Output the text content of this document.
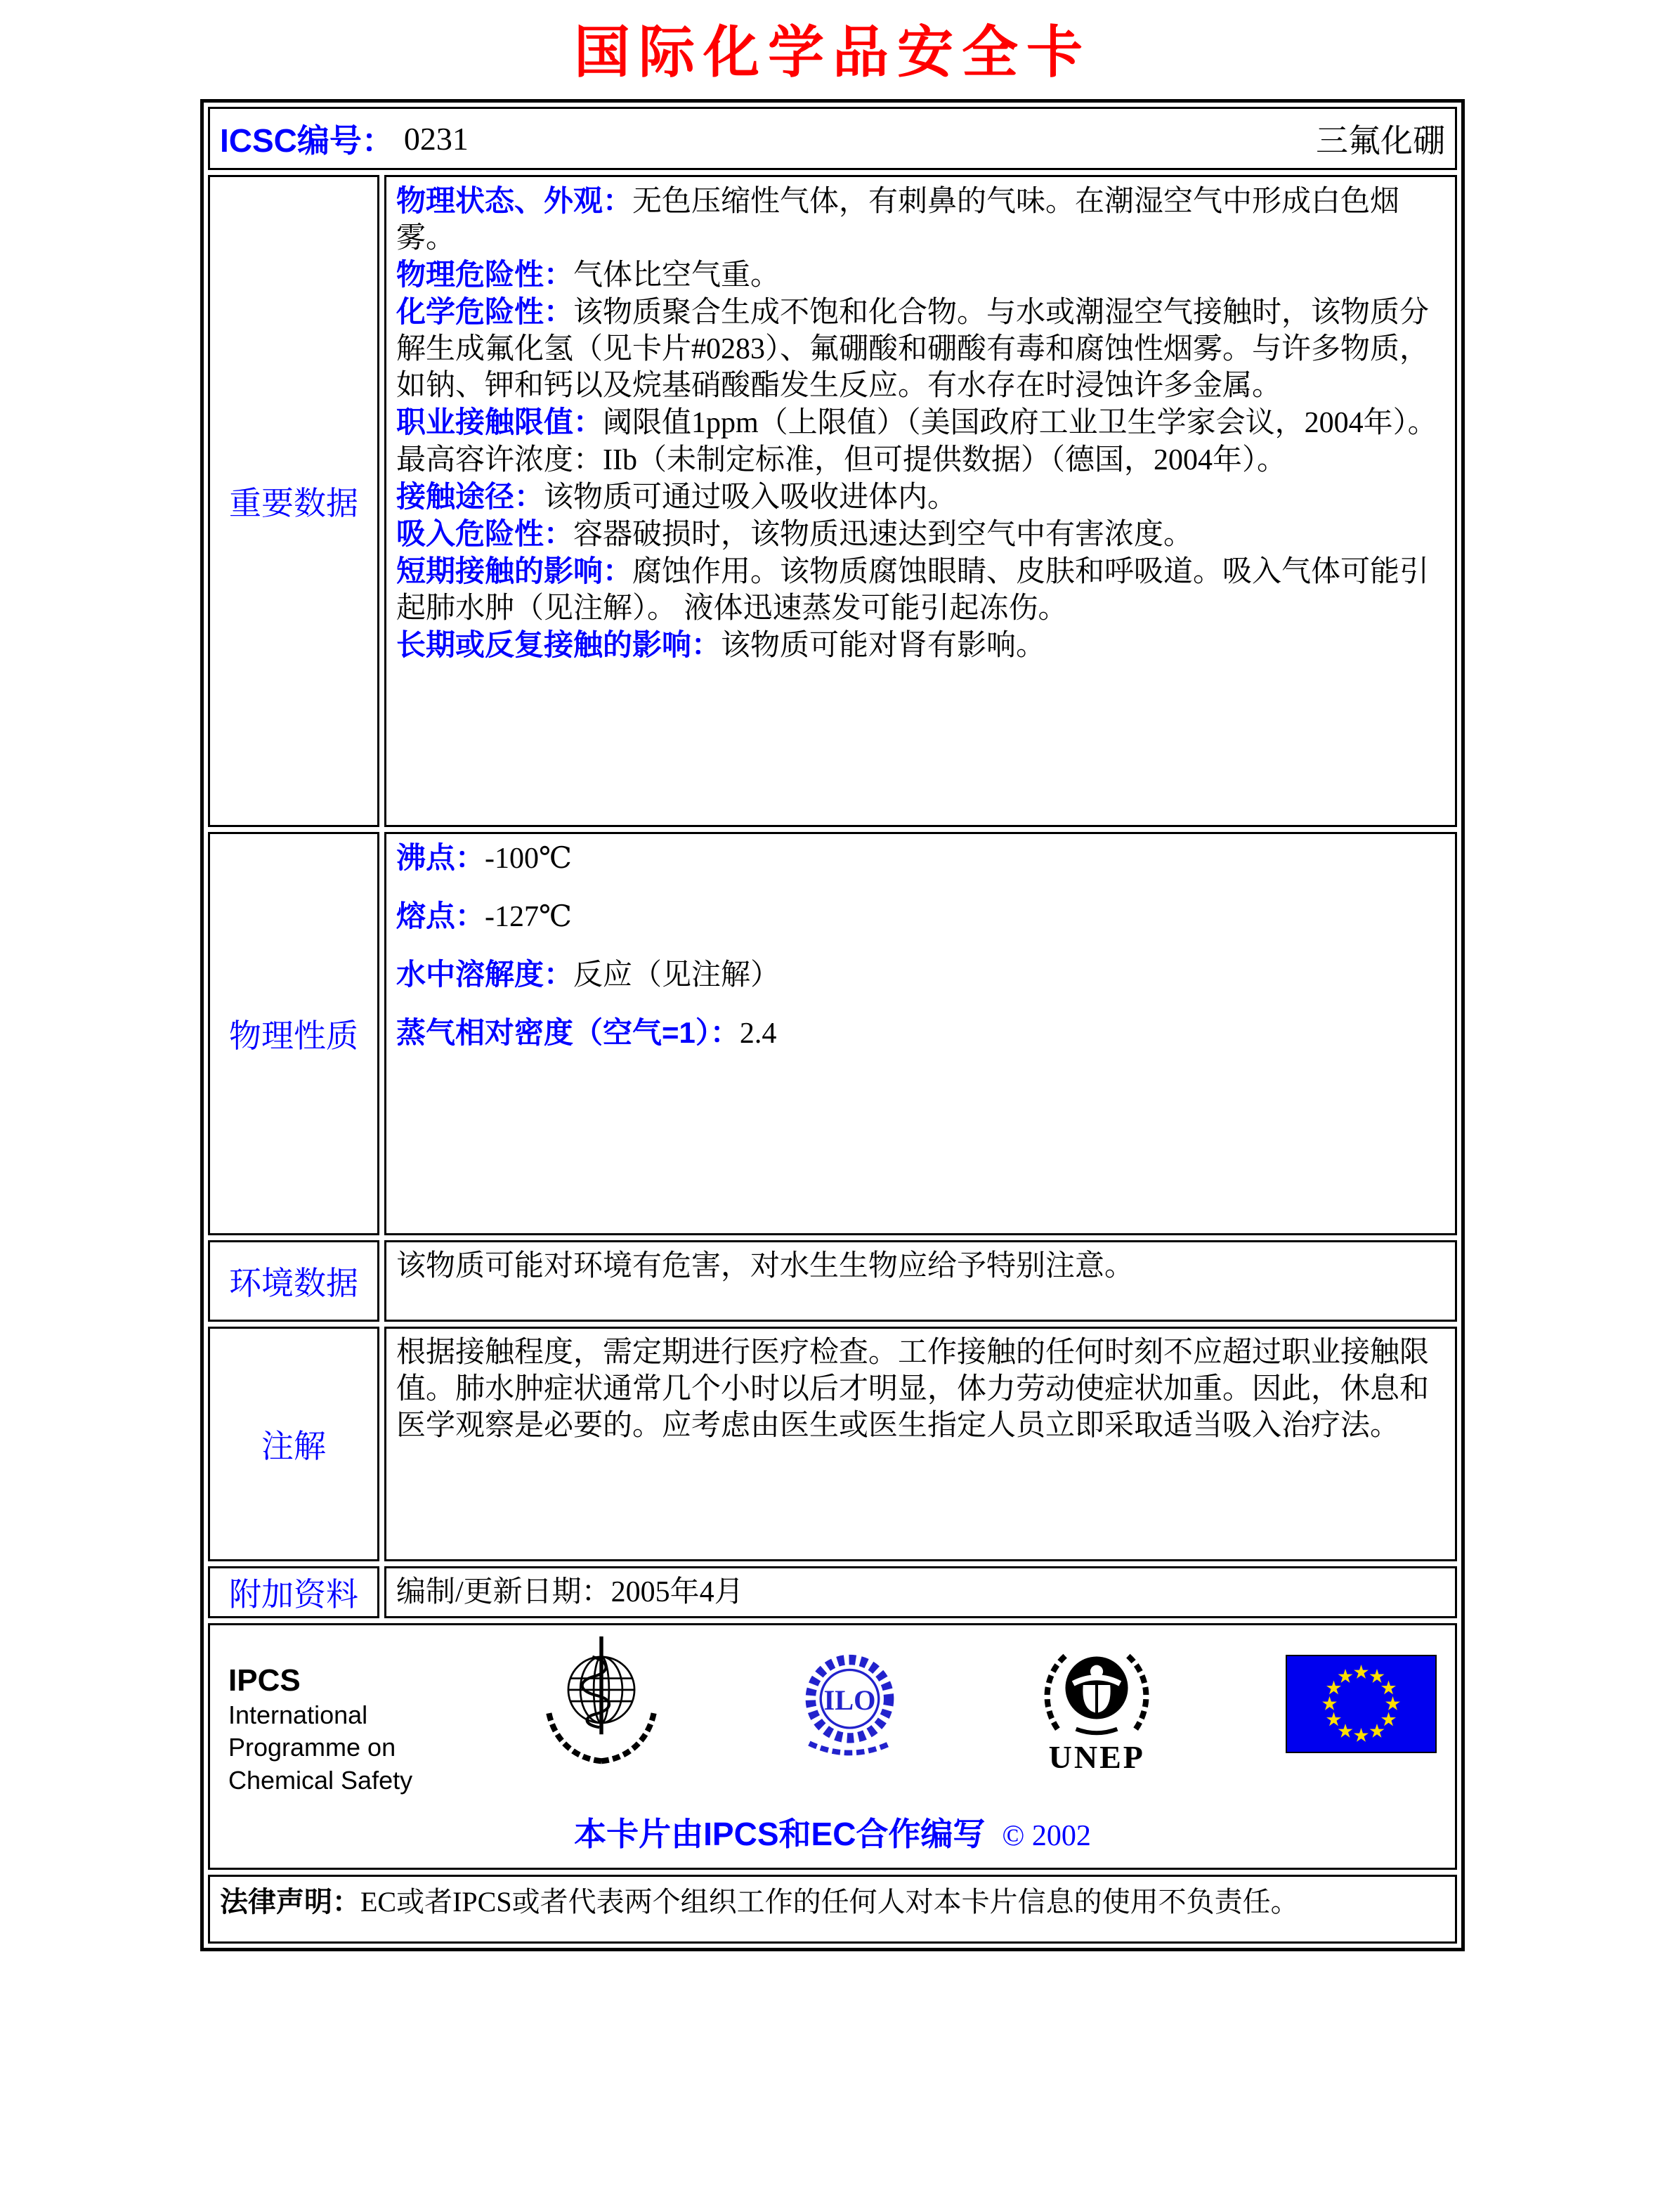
国际化学品安全卡
ICSC编号： 0231	三氟化硼
重要数据

物理状态、外观：无色压缩性气体，有刺鼻的气味。在潮湿空气中形成白色烟雾。

物理危险性：气体比空气重。

化学危险性：该物质聚合生成不饱和化合物。与水或潮湿空气接触时，该物质分解生成氟化氢（见卡片#0283）、氟硼酸和硼酸有毒和腐蚀性烟雾。与许多物质，如钠、钾和钙以及烷基硝酸酯发生反应。有水存在时浸蚀许多金属。

职业接触限值：阈限值1ppm（上限值）（美国政府工业卫生学家会议，2004年）。最高容许浓度：IIb（未制定标准，但可提供数据）（德国，2004年）。

接触途径：该物质可通过吸入吸收进体内。

吸入危险性：容器破损时，该物质迅速达到空气中有害浓度。

短期接触的影响：腐蚀作用。该物质腐蚀眼睛、皮肤和呼吸道。吸入气体可能引起肺水肿（见注解）。 液体迅速蒸发可能引起冻伤。

长期或反复接触的影响：该物质可能对肾有影响。

物理性质

沸点：-100℃

熔点：-127℃

水中溶解度：反应（见注解）

蒸气相对密度（空气=1）：2.4

环境数据 该物质可能对环境有危害，对水生生物应给予特别注意。

注解

根据接触程度，需定期进行医疗检查。工作接触的任何时刻不应超过职业接触限值。肺水肿症状通常几个小时以后才明显，体力劳动使症状加重。因此，休息和医学观察是必要的。应考虑由医生或医生指定人员立即采取适当吸入治疗法。

附加资料 编制/更新日期：2005年4月

IPCS
International
Programme on
Chemical Safety
ILO
UNEP
本卡片由IPCS和EC合作编写 © 2002
法律声明：EC或者IPCS或者代表两个组织工作的任何人对本卡片信息的使用不负责任。
